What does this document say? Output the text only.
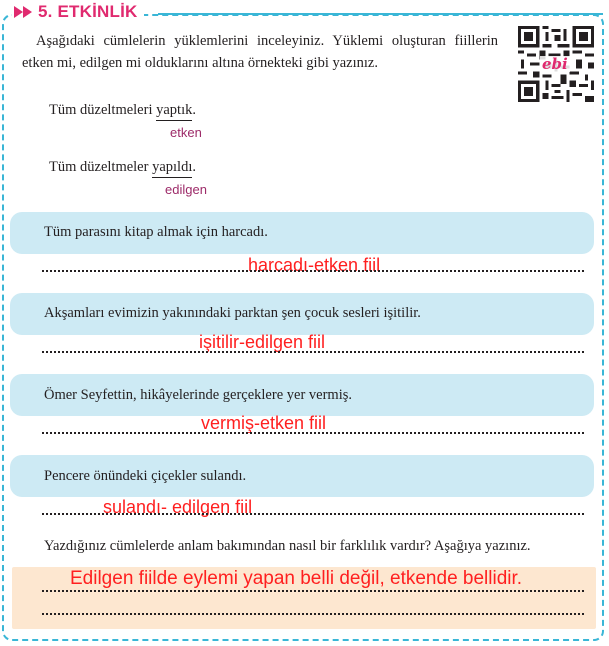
5. ETKİNLİK
Aşağıdaki cümlelerin yüklemlerini inceleyiniz. Yüklemi oluşturan fiillerin etken mi, edilgen mi olduklarını altına örnekteki gibi yazınız.	ebi
Tüm düzeltmeleri yaptık.
etken
Tüm düzeltmeler yapıldı.
edilgen
Tüm parasını kitap almak için harcadı.
harcadı-etken fiil
Akşamları evimizin yakınındaki parktan şen çocuk sesleri işitilir.
işitilir-edilgen fiil
Ömer Seyfettin, hikâyelerinde gerçeklere yer vermiş.
vermiş-etken fiil
Pencere önündeki çiçekler sulandı.
sulandı- edilgen fiil
Yazdığınız cümlelerde anlam bakımından nasıl bir farklılık vardır? Aşağıya yazınız.
Edilgen fiilde eylemi yapan belli değil, etkende bellidir.
